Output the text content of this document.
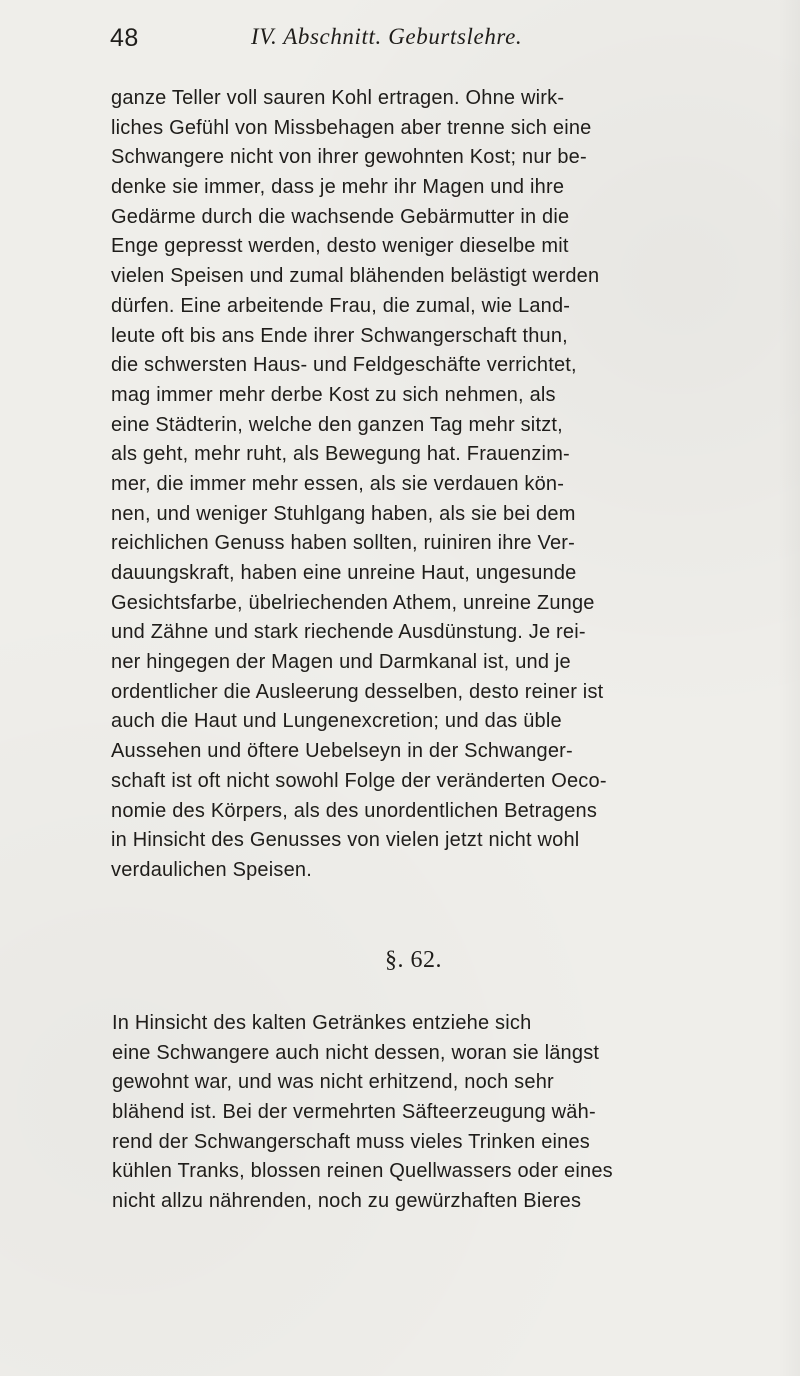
48	IV. Abschnitt. Geburtslehre.
ganze Teller voll sauren Kohl ertragen. Ohne wirk-
liches Gefühl von Missbehagen aber trenne sich eine
Schwangere nicht von ihrer gewohnten Kost; nur be-
denke sie immer, dass je mehr ihr Magen und ihre
Gedärme durch die wachsende Gebärmutter in die
Enge gepresst werden, desto weniger dieselbe mit
vielen Speisen und zumal blähenden belästigt werden
dürfen. Eine arbeitende Frau, die zumal, wie Land-
leute oft bis ans Ende ihrer Schwangerschaft thun,
die schwersten Haus- und Feldgeschäfte verrichtet,
mag immer mehr derbe Kost zu sich nehmen, als
eine Städterin, welche den ganzen Tag mehr sitzt,
als geht, mehr ruht, als Bewegung hat. Frauenzim-
mer, die immer mehr essen, als sie verdauen kön-
nen, und weniger Stuhlgang haben, als sie bei dem
reichlichen Genuss haben sollten, ruiniren ihre Ver-
dauungskraft, haben eine unreine Haut, ungesunde
Gesichtsfarbe, übelriechenden Athem, unreine Zunge
und Zähne und stark riechende Ausdünstung. Je rei-
ner hingegen der Magen und Darmkanal ist, und je
ordentlicher die Ausleerung desselben, desto reiner ist
auch die Haut und Lungenexcretion; und das üble
Aussehen und öftere Uebelseyn in der Schwanger-
schaft ist oft nicht sowohl Folge der veränderten Oeco-
nomie des Körpers, als des unordentlichen Betragens
in Hinsicht des Genusses von vielen jetzt nicht wohl
verdaulichen Speisen.
§. 62.
In Hinsicht des kalten Getränkes entziehe sich
eine Schwangere auch nicht dessen, woran sie längst
gewohnt war, und was nicht erhitzend, noch sehr
blähend ist. Bei der vermehrten Säfteerzeugung wäh-
rend der Schwangerschaft muss vieles Trinken eines
kühlen Tranks, blossen reinen Quellwassers oder eines
nicht allzu nährenden, noch zu gewürzhaften Bieres
